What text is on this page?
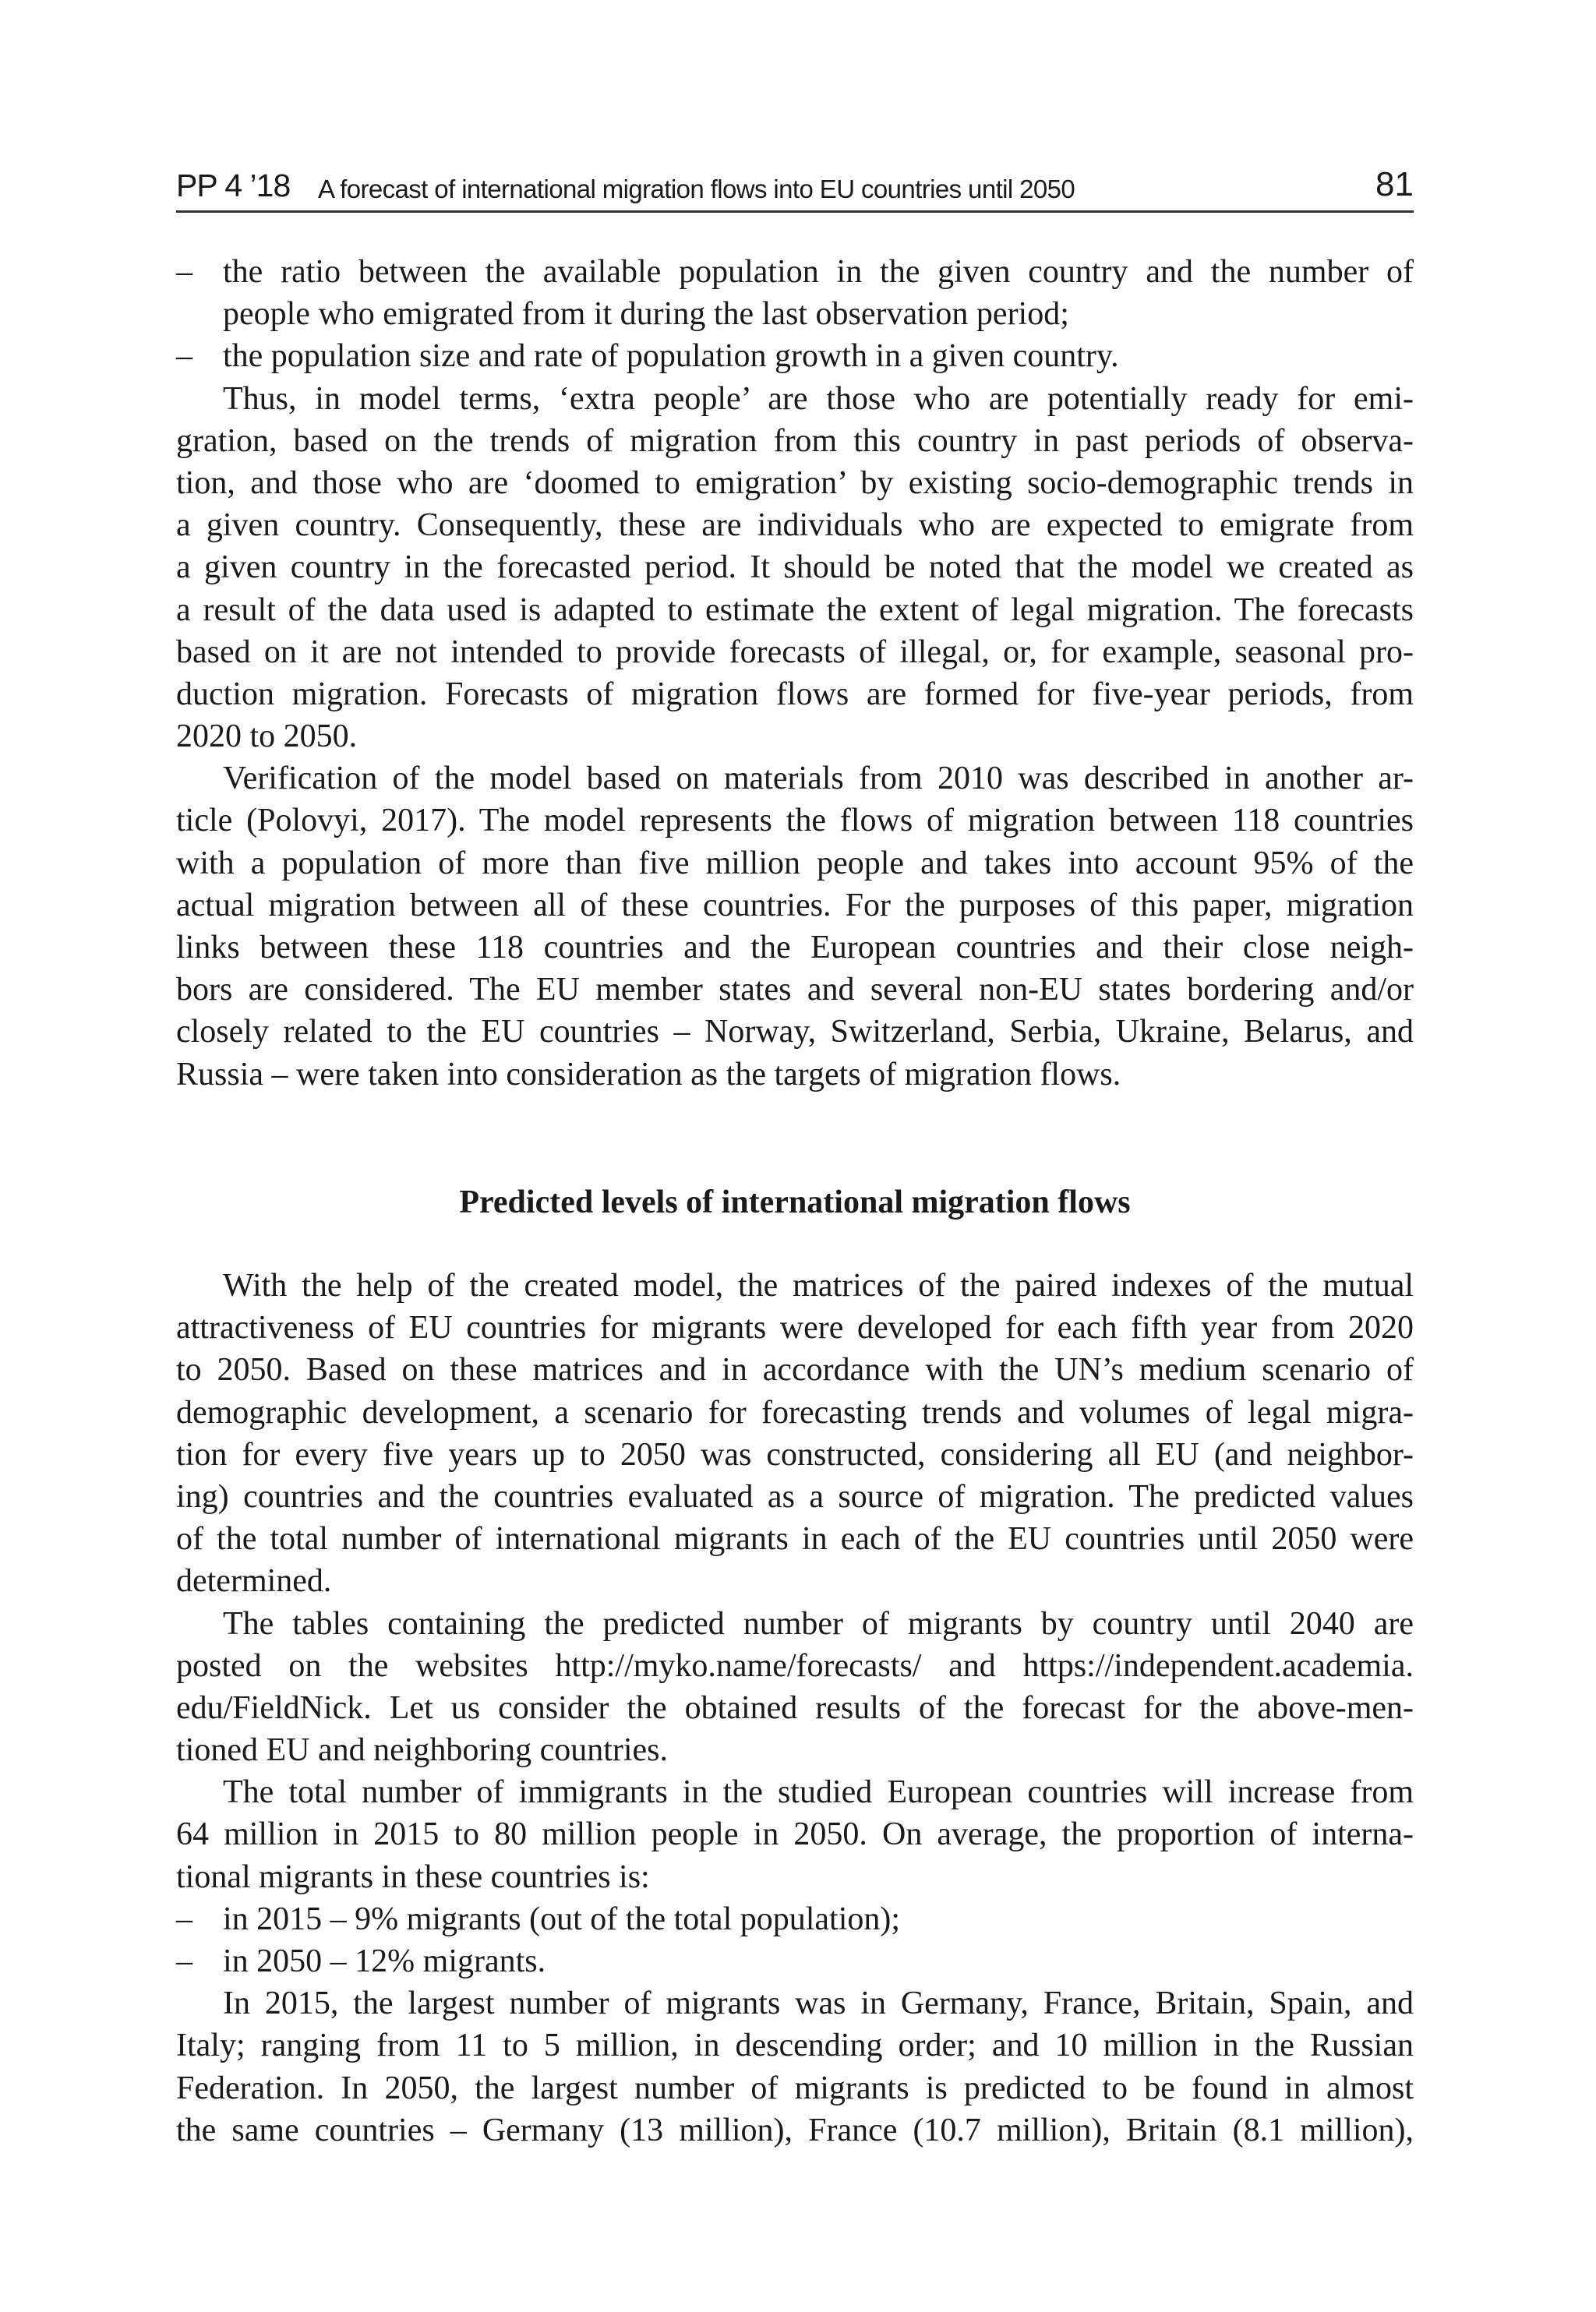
PP 4 ’18 A forecast of international migration flows into EU countries until 2050	81
– the ratio between the available population in the given country and the number of
people who emigrated from it during the last observation period;
– the population size and rate of population growth in a given country.
Thus, in model terms, ‘extra people’ are those who are potentially ready for emi-
gration, based on the trends of migration from this country in past periods of observa-
tion, and those who are ‘doomed to emigration’ by existing socio-demographic trends in
a given country. Consequently, these are individuals who are expected to emigrate from
a given country in the forecasted period. It should be noted that the model we created as
a result of the data used is adapted to estimate the extent of legal migration. The forecasts
based on it are not intended to provide forecasts of illegal, or, for example, seasonal pro-
duction migration. Forecasts of migration flows are formed for five-year periods, from
2020 to 2050.
Verification of the model based on materials from 2010 was described in another ar-
ticle (Polovyi, 2017). The model represents the flows of migration between 118 countries
with a population of more than five million people and takes into account 95% of the
actual migration between all of these countries. For the purposes of this paper, migration
links between these 118 countries and the European countries and their close neigh-
bors are considered. The EU member states and several non-EU states bordering and/or
closely related to the EU countries – Norway, Switzerland, Serbia, Ukraine, Belarus, and
Russia – were taken into consideration as the targets of migration flows.
Predicted levels of international migration flows
With the help of the created model, the matrices of the paired indexes of the mutual
attractiveness of EU countries for migrants were developed for each fifth year from 2020
to 2050. Based on these matrices and in accordance with the UN’s medium scenario of
demographic development, a scenario for forecasting trends and volumes of legal migra-
tion for every five years up to 2050 was constructed, considering all EU (and neighbor-
ing) countries and the countries evaluated as a source of migration. The predicted values
of the total number of international migrants in each of the EU countries until 2050 were
determined.
The tables containing the predicted number of migrants by country until 2040 are
posted on the websites http://myko.name/forecasts/ and https://independent.academia.
edu/FieldNick. Let us consider the obtained results of the forecast for the above-men-
tioned EU and neighboring countries.
The total number of immigrants in the studied European countries will increase from
64 million in 2015 to 80 million people in 2050. On average, the proportion of interna-
tional migrants in these countries is:
– in 2015 – 9% migrants (out of the total population);
– in 2050 – 12% migrants.
In 2015, the largest number of migrants was in Germany, France, Britain, Spain, and
Italy; ranging from 11 to 5 million, in descending order; and 10 million in the Russian
Federation. In 2050, the largest number of migrants is predicted to be found in almost
the same countries – Germany (13 million), France (10.7 million), Britain (8.1 million),
